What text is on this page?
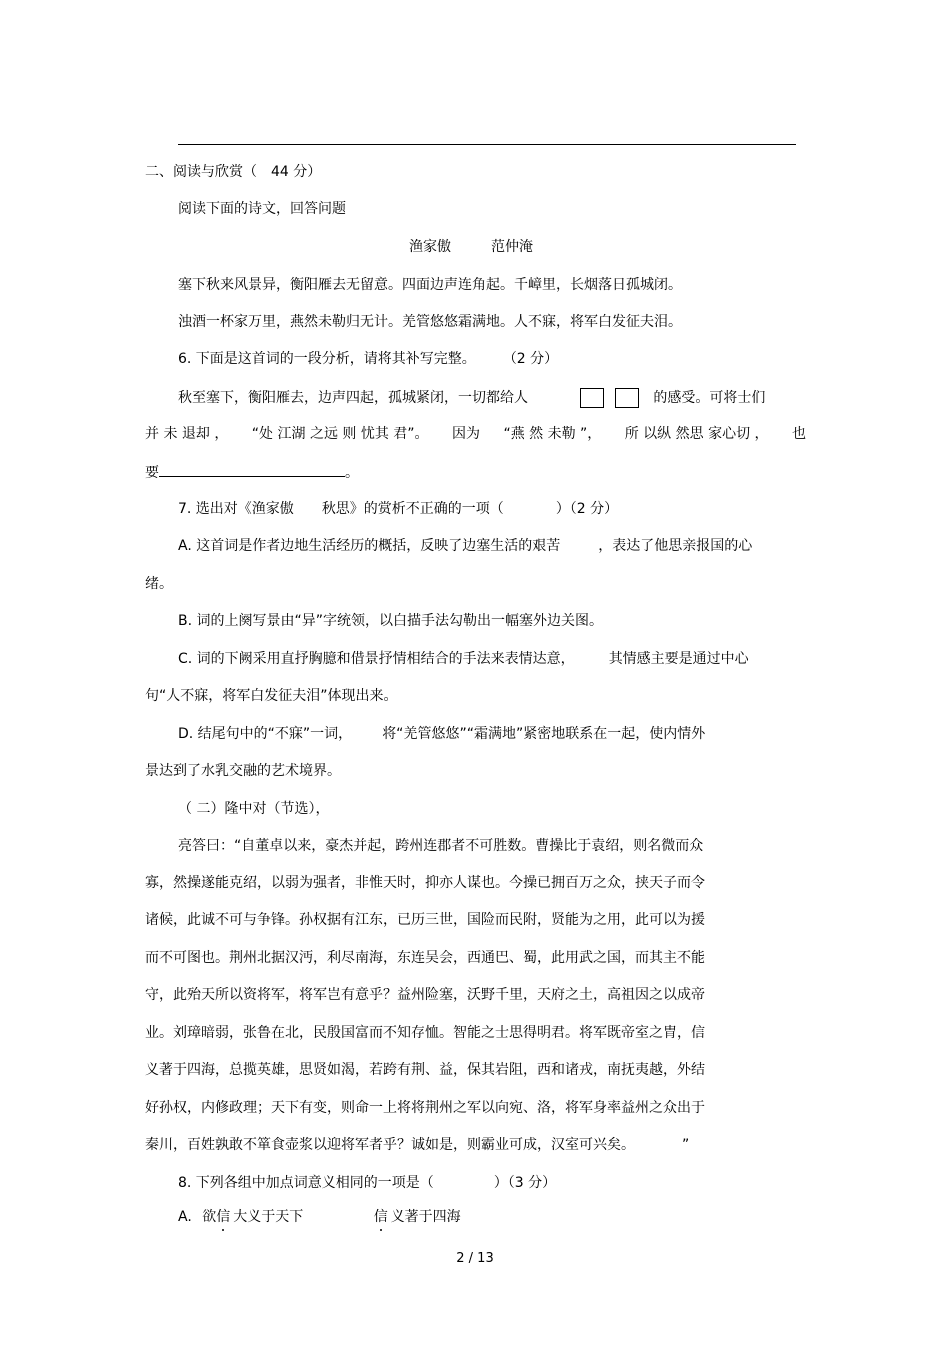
二、阅读与欣赏（ 44 分）
阅读下面的诗文，回答问题
渔家傲	范仲淹
塞下秋来风景异，衡阳雁去无留意。四面边声连角起。千嶂里，长烟落日孤城闭。
浊酒一杯家万里，燕然未勒归无计。羌管悠悠霜满地。人不寐，将军白发征夫泪。
6. 下面是这首词的一段分析，请将其补写完整。 （2 分）
秋至塞下，衡阳雁去，边声四起，孤城紧闭，一切都给人	的感受。可将士们
并 未 退却 ， “处 江湖 之远 则 忧其 君”。 因为 “燕 然 未勒 ”， 所 以纵 然思 家心切 ， 也
要	。
7. 选出对《渔家傲 秋思》的赏析不正确的一项（	）（2 分）
A. 这首词是作者边地生活经历的概括，反映了边塞生活的艰苦	，表达了他思亲报国的心
绪。
B. 词的上阕写景由“异”字统领，以白描手法勾勒出一幅塞外边关图。
C. 词的下阙采用直抒胸臆和借景抒情相结合的手法来表情达意， 其情感主要是通过中心
句“人不寐，将军白发征夫泪”体现出来。
D. 结尾句中的“不寐”一词， 将“羌管悠悠”“霜满地”紧密地联系在一起，使内情外
景达到了水乳交融的艺术境界。
（ 二）隆中对（节选），
亮答曰：“自董卓以来，豪杰并起，跨州连郡者不可胜数。曹操比于袁绍，则名微而众
寡，然操遂能克绍，以弱为强者，非惟天时，抑亦人谋也。今操已拥百万之众，挟天子而令
诸候，此诚不可与争锋。孙权据有江东，已历三世，国险而民附，贤能为之用，此可以为援
而不可图也。荆州北据汉沔，利尽南海，东连吴会，西通巴、蜀，此用武之国，而其主不能
守，此殆天所以资将军，将军岂有意乎？益州险塞，沃野千里，天府之土，高祖因之以成帝
业。刘璋暗弱，张鲁在北，民殷国富而不知存恤。智能之士思得明君。将军既帝室之胄，信
义著于四海，总揽英雄，思贤如渴，若跨有荆、益，保其岩阻，西和诸戎，南抚夷越，外结
好孙权，内修政理；天下有变，则命一上将将荆州之军以向宛、洛，将军身率益州之众出于
秦川，百姓孰敢不箪食壶浆以迎将军者乎？诚如是，则霸业可成，汉室可兴矣。	”
8. 下列各组中加点词意义相同的一项是（	）（3 分）
A. 欲信 大义于天下	信 义著于四海
2 / 13
